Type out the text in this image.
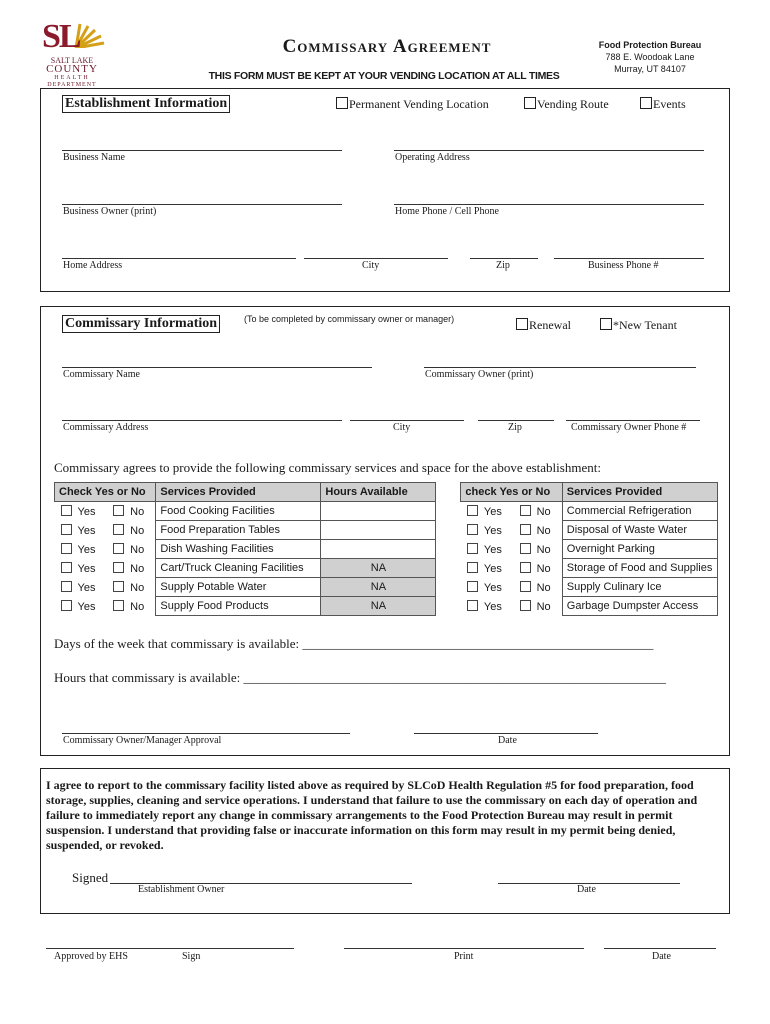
SL
SALT LAKE
COUNTY
HEALTH
DEPARTMENT
Commissary Agreement
THIS FORM MUST BE KEPT AT YOUR VENDING LOCATION AT ALL TIMES
Food Protection Bureau
788 E. Woodoak Lane
Murray, UT 84107
Establishment Information	Permanent Vending Location	Vending Route	Events
Business Name	Operating Address
Business Owner (print)	Home Phone / Cell Phone
Home Address	City	Zip	Business Phone #
Commissary Information	(To be completed by commissary owner or manager)	Renewal	*New Tenant
Commissary Name	Commissary Owner (print)
Commissary Address	City	Zip	Commissary Owner Phone #
Commissary agrees to provide the following commissary services and space for the above establishment:
Check Yes or No		Services Provided	Hours Available		check Yes or No		Services Provided
Yes	No	Food Cooking Facilities			Yes	No	Commercial Refrigeration
Yes	No	Food Preparation Tables			Yes	No	Disposal of Waste Water
Yes	No	Dish Washing Facilities			Yes	No	Overnight Parking
Yes	No	Cart/Truck Cleaning Facilities	NA		Yes	No	Storage of Food and Supplies
Yes	No	Supply Potable Water	NA		Yes	No	Supply Culinary Ice
Yes	No	Supply Food Products	NA		Yes	No	Garbage Dumpster Access
Days of the week that commissary is available: ______________________________________________________
Hours that commissary is available: _________________________________________________________________
Commissary Owner/Manager Approval	Date
I agree to report to the commissary facility listed above as required by SLCoD Health Regulation #5 for food preparation, food storage, supplies, cleaning and service operations. I understand that failure to use the commissary on each day of operation and failure to immediately report any change in commissary arrangements to the Food Protection Bureau may result in permit suspension. I understand that providing false or inaccurate information on this form may result in my permit being denied, suspended, or revoked.
Signed
Establishment Owner	Date
Approved by EHS	Sign	Print	Date
